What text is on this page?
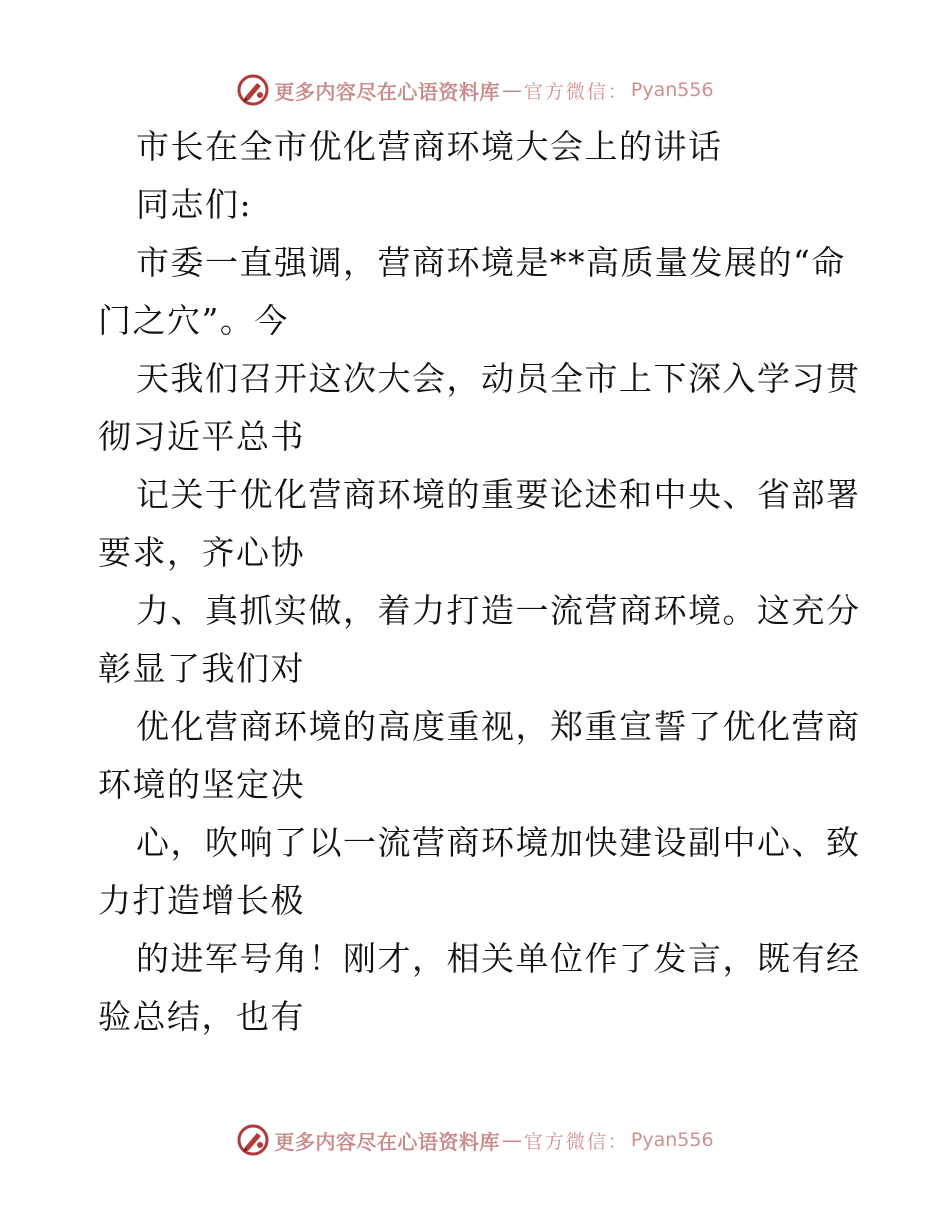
更多内容尽在心语资料库 — 官方微信： Pyan556
市长在全市优化营商环境大会上的讲话
同志们:
市委一直强调，营商环境是**高质量发展的“命
门之穴”。今
天我们召开这次大会，动员全市上下深入学习贯
彻习近平总书
记关于优化营商环境的重要论述和中央、省部署
要求，齐心协
力、真抓实做，着力打造一流营商环境。这充分
彰显了我们对
优化营商环境的高度重视，郑重宣誓了优化营商
环境的坚定决
心，吹响了以一流营商环境加快建设副中心、致
力打造增长极
的进军号角！刚才，相关单位作了发言，既有经
验总结，也有
更多内容尽在心语资料库 — 官方微信： Pyan556
